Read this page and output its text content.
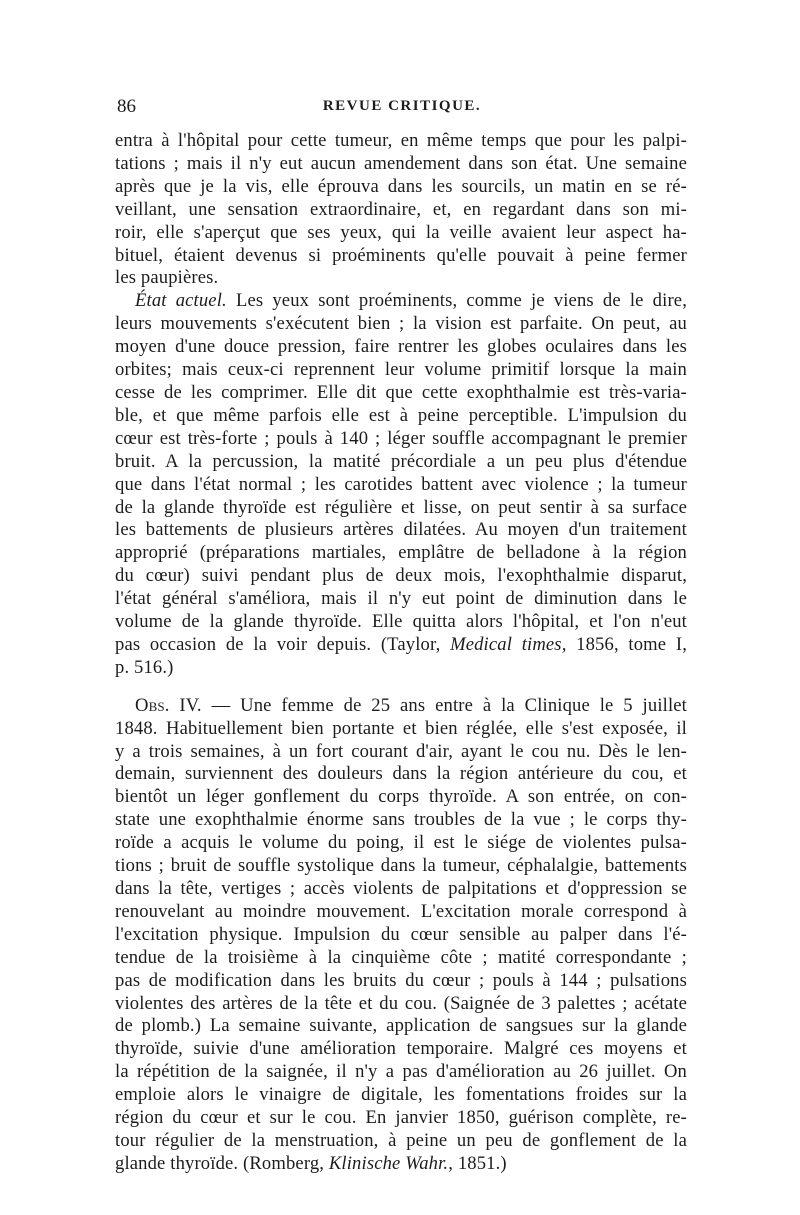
86	REVUE CRITIQUE.
entra à l'hôpital pour cette tumeur, en même temps que pour les palpi-
tations ; mais il n'y eut aucun amendement dans son état. Une semaine
après que je la vis, elle éprouva dans les sourcils, un matin en se ré-
veillant, une sensation extraordinaire, et, en regardant dans son mi-
roir, elle s'aperçut que ses yeux, qui la veille avaient leur aspect ha-
bituel, étaient devenus si proéminents qu'elle pouvait à peine fermer
les paupières.
État actuel. Les yeux sont proéminents, comme je viens de le dire,
leurs mouvements s'exécutent bien ; la vision est parfaite. On peut, au
moyen d'une douce pression, faire rentrer les globes oculaires dans les
orbites; mais ceux-ci reprennent leur volume primitif lorsque la main
cesse de les comprimer. Elle dit que cette exophthalmie est très-varia-
ble, et que même parfois elle est à peine perceptible. L'impulsion du
cœur est très-forte ; pouls à 140 ; léger souffle accompagnant le premier
bruit. A la percussion, la matité précordiale a un peu plus d'étendue
que dans l'état normal ; les carotides battent avec violence ; la tumeur
de la glande thyroïde est régulière et lisse, on peut sentir à sa surface
les battements de plusieurs artères dilatées. Au moyen d'un traitement
approprié (préparations martiales, emplâtre de belladone à la région
du cœur) suivi pendant plus de deux mois, l'exophthalmie disparut,
l'état général s'améliora, mais il n'y eut point de diminution dans le
volume de la glande thyroïde. Elle quitta alors l'hôpital, et l'on n'eut
pas occasion de la voir depuis. (Taylor, Medical times, 1856, tome I,
p. 516.)
Obs. IV. — Une femme de 25 ans entre à la Clinique le 5 juillet
1848. Habituellement bien portante et bien réglée, elle s'est exposée, il
y a trois semaines, à un fort courant d'air, ayant le cou nu. Dès le len-
demain, surviennent des douleurs dans la région antérieure du cou, et
bientôt un léger gonflement du corps thyroïde. A son entrée, on con-
state une exophthalmie énorme sans troubles de la vue ; le corps thy-
roïde a acquis le volume du poing, il est le siége de violentes pulsa-
tions ; bruit de souffle systolique dans la tumeur, céphalalgie, battements
dans la tête, vertiges ; accès violents de palpitations et d'oppression se
renouvelant au moindre mouvement. L'excitation morale correspond à
l'excitation physique. Impulsion du cœur sensible au palper dans l'é-
tendue de la troisième à la cinquième côte ; matité correspondante ;
pas de modification dans les bruits du cœur ; pouls à 144 ; pulsations
violentes des artères de la tête et du cou. (Saignée de 3 palettes ; acétate
de plomb.) La semaine suivante, application de sangsues sur la glande
thyroïde, suivie d'une amélioration temporaire. Malgré ces moyens et
la répétition de la saignée, il n'y a pas d'amélioration au 26 juillet. On
emploie alors le vinaigre de digitale, les fomentations froides sur la
région du cœur et sur le cou. En janvier 1850, guérison complète, re-
tour régulier de la menstruation, à peine un peu de gonflement de la
glande thyroïde. (Romberg, Klinische Wahr., 1851.)
